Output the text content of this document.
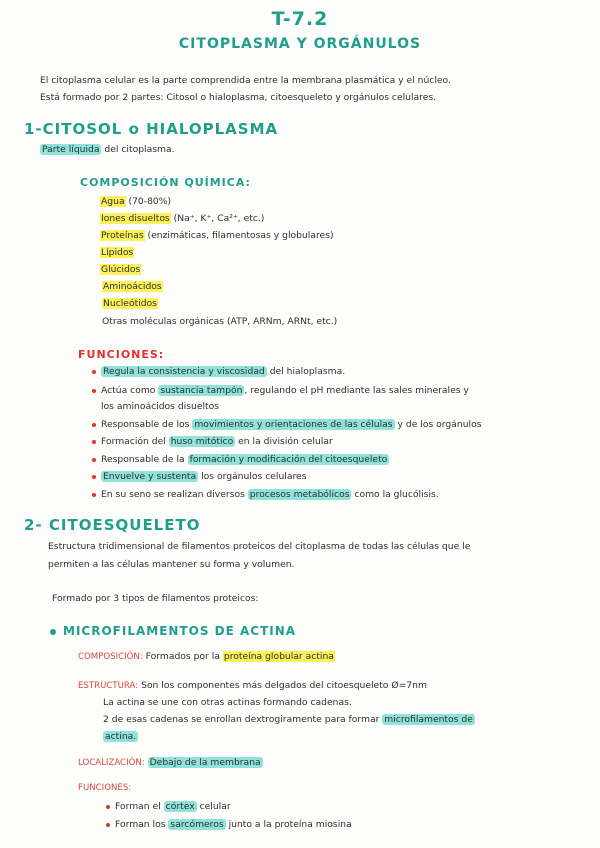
T-7.2
CITOPLASMA Y ORGÁNULOS
El citoplasma celular es la parte comprendida entre la membrana plasmática y el núcleo.
Está formado por 2 partes: Citosol o hialoplasma, citoesqueleto y orgánulos celulares.
1-CITOSOL o HIALOPLASMA
Parte líquida del citoplasma.
COMPOSICIÓN QUÍMICA:
Agua (70-80%)
Iones disueltos (Na⁺, K⁺, Ca²⁺, etc.)
Proteínas (enzimáticas, filamentosas y globulares)
Lípidos
Glúcidos
Aminoácidos
Nucleótidos
Otras moléculas orgánicas (ATP, ARNm, ARNt, etc.)
FUNCIONES:
Regula la consistencia y viscosidad del hialoplasma.
Actúa como sustancia tampón , regulando el pH mediante las sales minerales y
los aminoácidos disueltos
Responsable de los movimientos y orientaciones de las células y de los orgánulos
Formación del huso mitótico en la división celular
Responsable de la formación y modificación del citoesqueleto
Envuelve y sustenta los orgánulos celulares
En su seno se realizan diversos procesos metabólicos como la glucólisis.
2- CITOESQUELETO
Estructura tridimensional de filamentos proteicos del citoplasma de todas las células que le
permiten a las células mantener su forma y volumen.
Formado por 3 tipos de filamentos proteicos:
MICROFILAMENTOS DE ACTINA
COMPOSICIÓN: Formados por la proteína globular actina
ESTRUCTURA: Son los componentes más delgados del citoesqueleto Ø=7nm
La actina se une con otras actinas formando cadenas.
2 de esas cadenas se enrollan dextrogiramente para formar microfilamentos de
actina.
LOCALIZACIÓN: Debajo de la membrana
FUNCIONES:
Forman el córtex celular
Forman los sarcómeros junto a la proteína miosina
